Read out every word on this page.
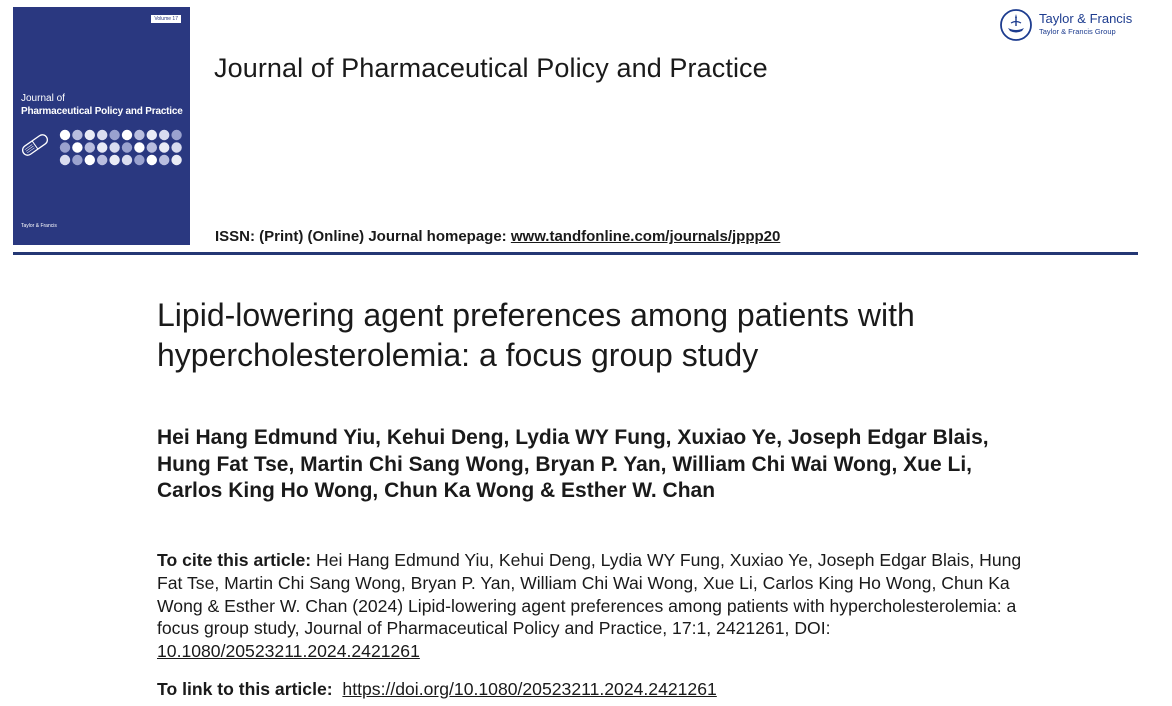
Volume 17
Journal of
Pharmaceutical Policy and Practice
Taylor & Francis
Journal of Pharmaceutical Policy and Practice
Taylor & Francis
Taylor & Francis Group
ISSN: (Print) (Online) Journal homepage: www.tandfonline.com/journals/jppp20
Lipid-lowering agent preferences among patients with hypercholesterolemia: a focus group study

Hei Hang Edmund Yiu, Kehui Deng, Lydia WY Fung, Xuxiao Ye, Joseph Edgar Blais, Hung Fat Tse, Martin Chi Sang Wong, Bryan P. Yan, William Chi Wai Wong, Xue Li, Carlos King Ho Wong, Chun Ka Wong & Esther W. Chan

To cite this article: Hei Hang Edmund Yiu, Kehui Deng, Lydia WY Fung, Xuxiao Ye, Joseph Edgar Blais, Hung Fat Tse, Martin Chi Sang Wong, Bryan P. Yan, William Chi Wai Wong, Xue Li, Carlos King Ho Wong, Chun Ka Wong & Esther W. Chan (2024) Lipid-lowering agent preferences among patients with hypercholesterolemia: a focus group study, Journal of Pharmaceutical Policy and Practice, 17:1, 2421261, DOI: 10.1080/20523211.2024.2421261

To link to this article:  https://doi.org/10.1080/20523211.2024.2421261
